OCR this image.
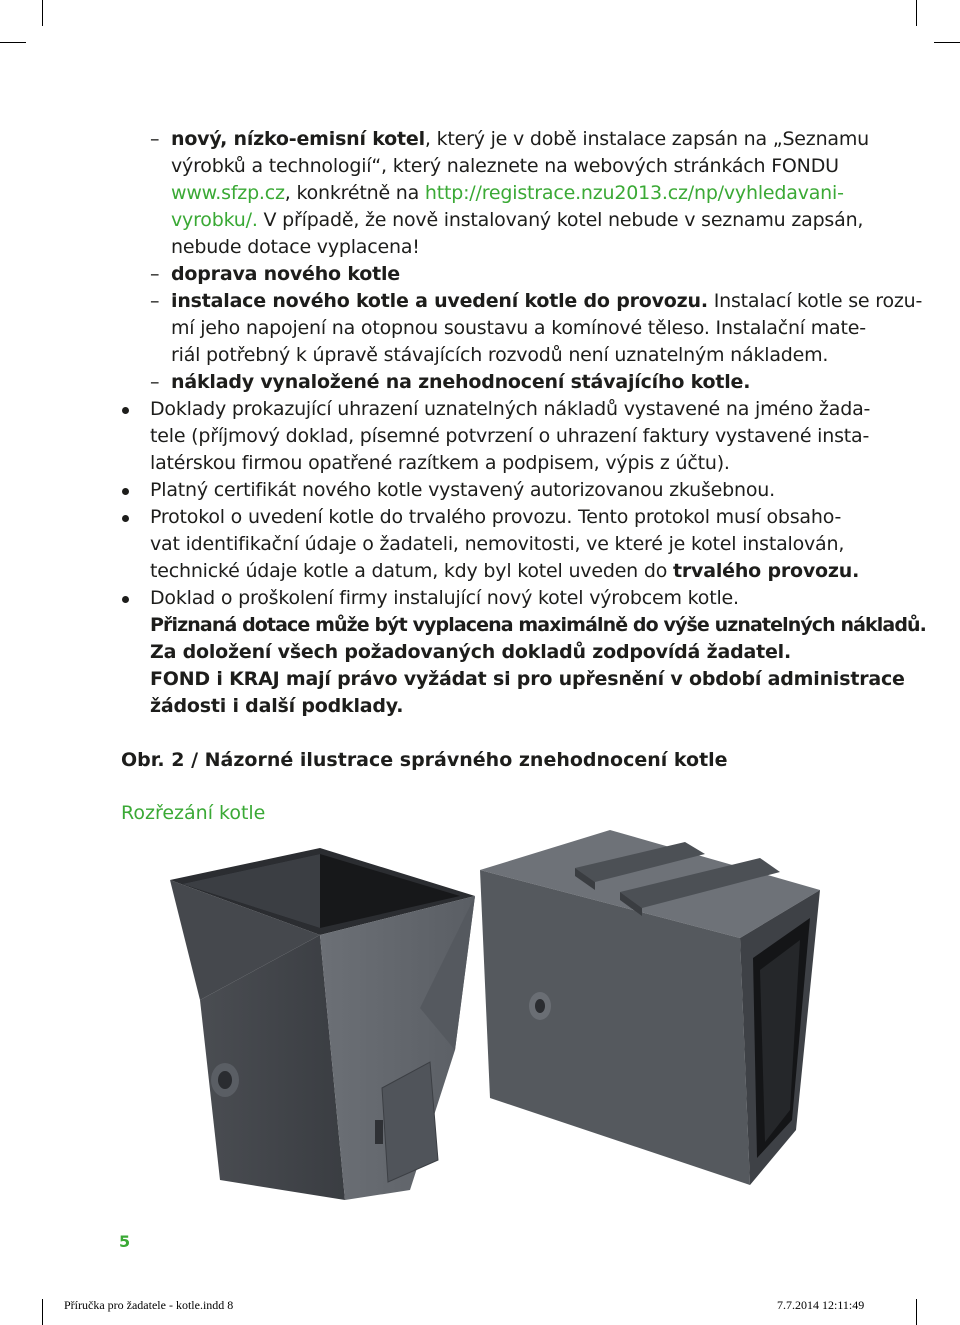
– nový, nízko-emisní kotel, který je v době instalace zapsán na „Seznamu
výrobků a technologií“, který naleznete na webových stránkách FONDU
www.sfzp.cz, konkrétně na http://registrace.nzu2013.cz/np/vyhledavani-
vyrobku/. V případě, že nově instalovaný kotel nebude v seznamu zapsán,
nebude dotace vyplacena!
– doprava nového kotle
– instalace nového kotle a uvedení kotle do provozu. Instalací kotle se rozu-
mí jeho napojení na otopnou soustavu a komínové těleso. Instalační mate-
riál potřebný k úpravě stávajících rozvodů není uznatelným nákladem.
– náklady vynaložené na znehodnocení stávajícího kotle.
Doklady prokazující uhrazení uznatelných nákladů vystavené na jméno žada-
tele (příjmový doklad, písemné potvrzení o uhrazení faktury vystavené insta-
latérskou firmou opatřené razítkem a podpisem, výpis z účtu).
Platný certifikát nového kotle vystavený autorizovanou zkušebnou.
Protokol o uvedení kotle do trvalého provozu. Tento protokol musí obsaho-
vat identifikační údaje o žadateli, nemovitosti, ve které je kotel instalován,
technické údaje kotle a datum, kdy byl kotel uveden do trvalého provozu.
Doklad o proškolení firmy instalující nový kotel výrobcem kotle.
Přiznaná dotace může být vyplacena maximálně do výše uznatelných nákladů.
Za doložení všech požadovaných dokladů zodpovídá žadatel.
FOND i KRAJ mají právo vyžádat si pro upřesnění v období administrace
žádosti i další podklady.
Obr. 2 / Názorné ilustrace správného znehodnocení kotle
Rozřezání kotle
5
Příručka pro žadatele - kotle.indd 8	7.7.2014 12:11:49
